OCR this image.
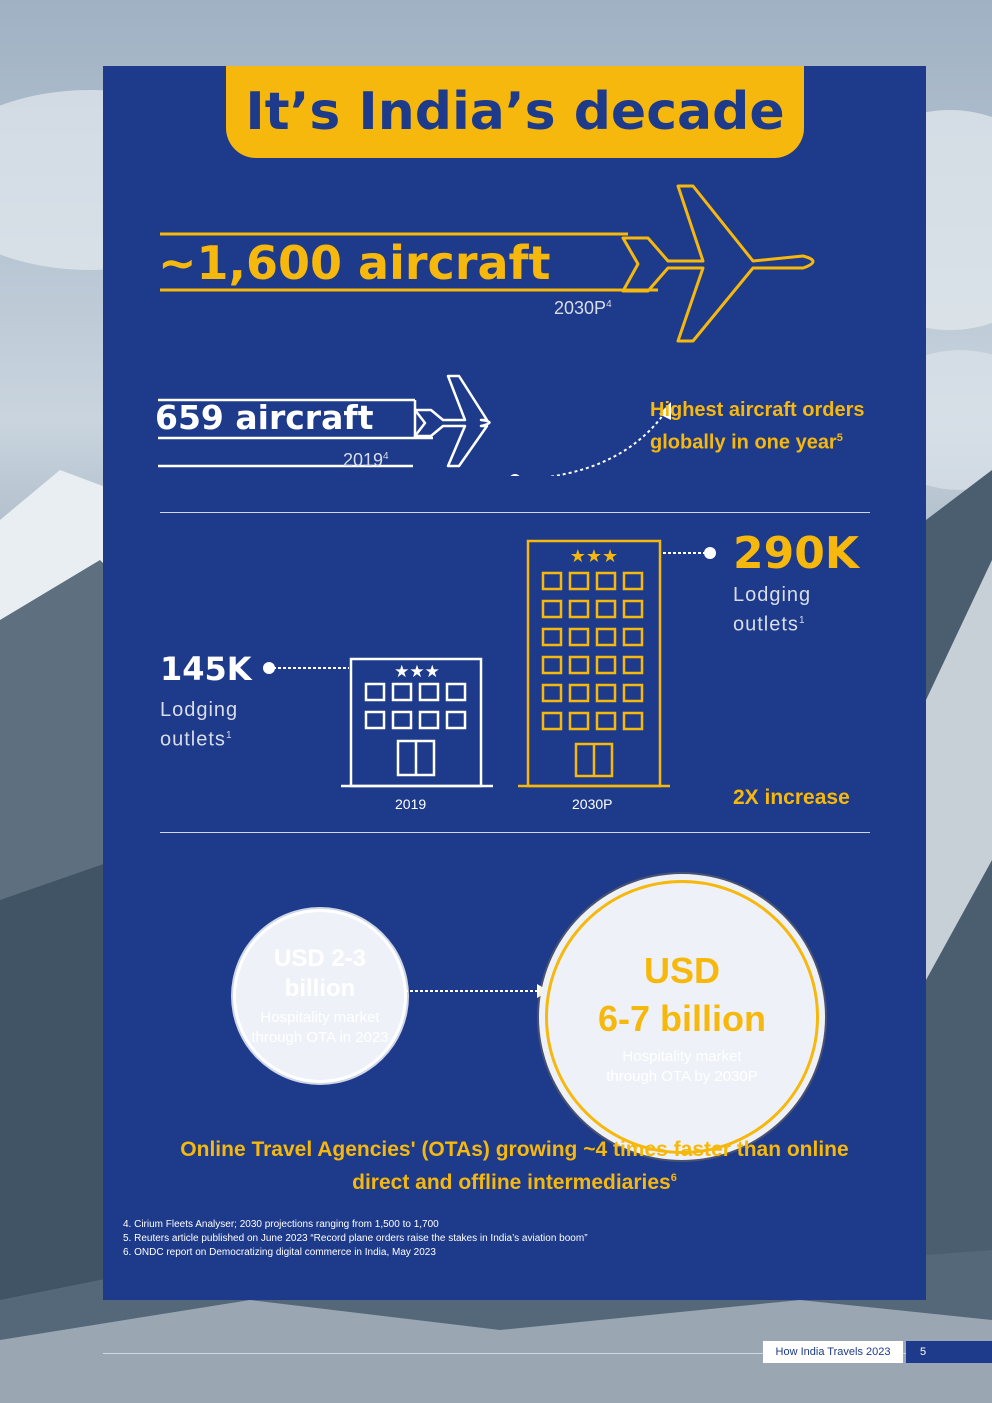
It’s India’s decade
~1,600 aircraft
$2030P^4$
659 aircraft
2019$^4$
Highest aircraft orders globally in one year$^5$
★★★
★★★
290K
Lodging outlets$^1$
145K
Lodging outlets$^1$
2019	2030P	2X increase
USD 2-3 billion
Hospitality market through OTA in 2023
USD
6-7 billion
Hospitality market through OTA by 2030P
Online Travel Agencies' (OTAs) growing ~4 times faster than online direct and offline intermediaries$^6$
4. Cirium Fleets Analyser; 2030 projections ranging from 1,500 to 1,700
5. Reuters article published on June 2023 “Record plane orders raise the stakes in India’s aviation boom”
6. ONDC report on Democratizing digital commerce in India, May 2023
How India Travels 2023	5
